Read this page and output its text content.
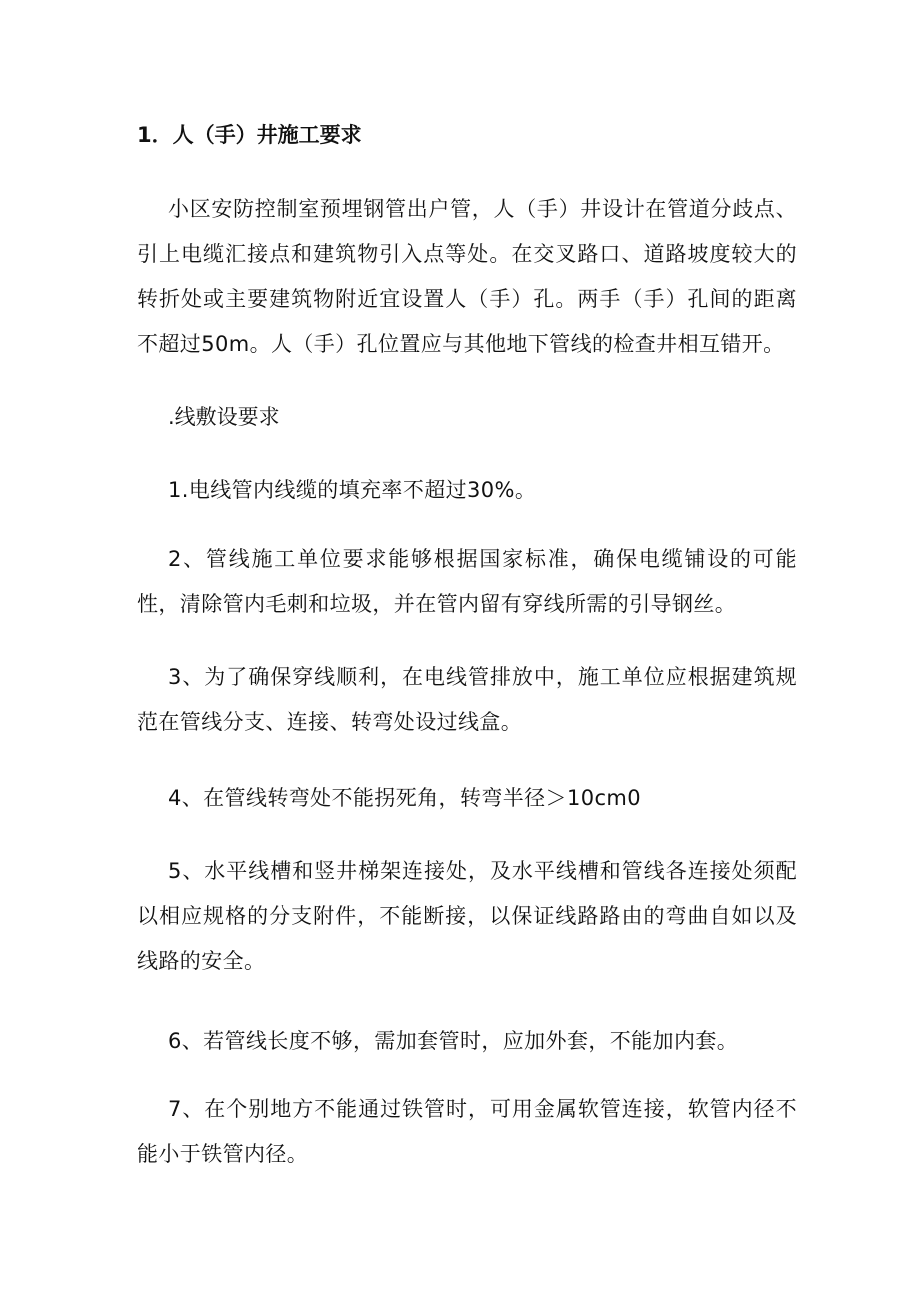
1．人（手）井施工要求
小区安防控制室预埋钢管出户管，人（手）井设计在管道分歧点、引上电缆汇接点和建筑物引入点等处。在交叉路口、道路坡度较大的转折处或主要建筑物附近宜设置人（手）孔。两手（手）孔间的距离不超过50m。人（手）孔位置应与其他地下管线的检查井相互错开。
.线敷设要求
1.电线管内线缆的填充率不超过30%。
2、管线施工单位要求能够根据国家标准，确保电缆铺设的可能性，清除管内毛刺和垃圾，并在管内留有穿线所需的引导钢丝。
3、为了确保穿线顺利，在电线管排放中，施工单位应根据建筑规范在管线分支、连接、转弯处设过线盒。
4、在管线转弯处不能拐死角，转弯半径＞10cm0
5、水平线槽和竖井梯架连接处，及水平线槽和管线各连接处须配以相应规格的分支附件，不能断接，以保证线路路由的弯曲自如以及线路的安全。
6、若管线长度不够，需加套管时，应加外套，不能加内套。
7、在个别地方不能通过铁管时，可用金属软管连接，软管内径不能小于铁管内径。
